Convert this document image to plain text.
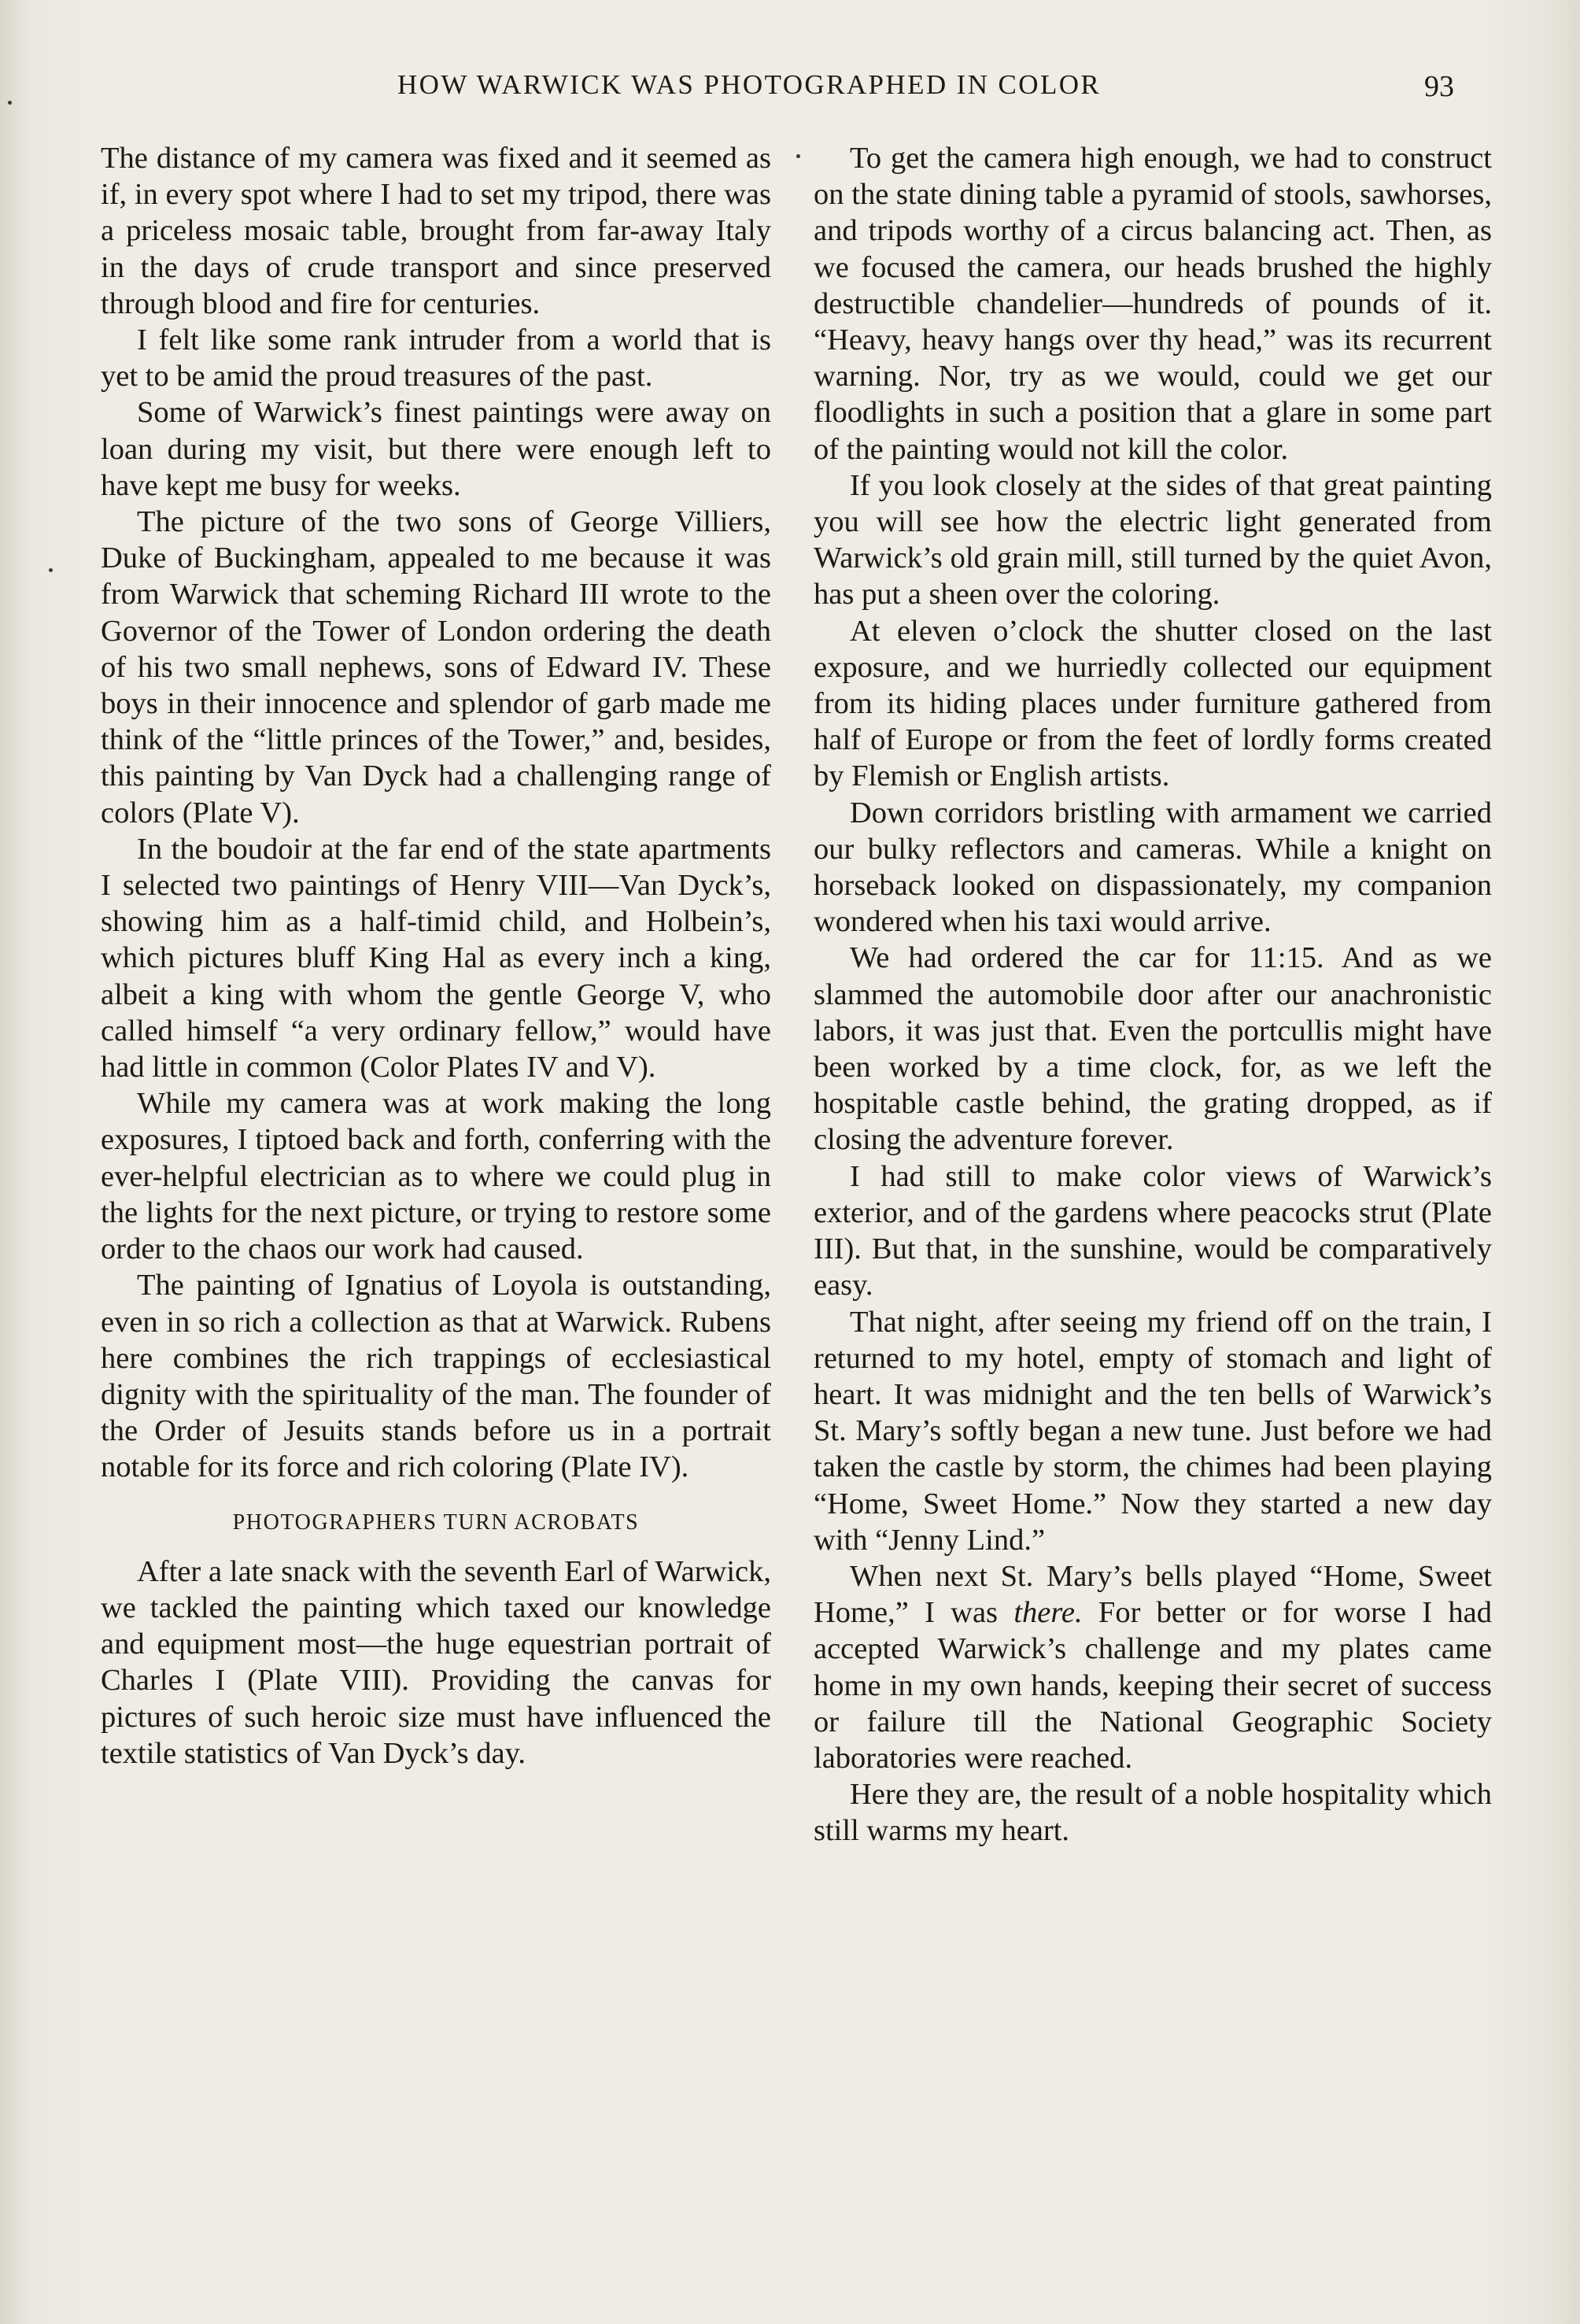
HOW WARWICK WAS PHOTOGRAPHED IN COLOR	93

The distance of my camera was fixed and it seemed as if, in every spot where I had to set my tripod, there was a priceless mosaic table, brought from far-away Italy in the days of crude transport and since preserved through blood and fire for centuries.

I felt like some rank intruder from a world that is yet to be amid the proud treasures of the past.

Some of Warwick’s finest paintings were away on loan during my visit, but there were enough left to have kept me busy for weeks.

The picture of the two sons of George Villiers, Duke of Buckingham, appealed to me because it was from Warwick that scheming Richard III wrote to the Governor of the Tower of London ordering the death of his two small nephews, sons of Edward IV. These boys in their innocence and splendor of garb made me think of the “little princes of the Tower,” and, besides, this painting by Van Dyck had a challenging range of colors (Plate V).

In the boudoir at the far end of the state apartments I selected two paintings of Henry VIII—Van Dyck’s, showing him as a half-timid child, and Holbein’s, which pictures bluff King Hal as every inch a king, albeit a king with whom the gentle George V, who called himself “a very ordinary fellow,” would have had little in common (Color Plates IV and V).

While my camera was at work making the long exposures, I tiptoed back and forth, conferring with the ever-helpful electrician as to where we could plug in the lights for the next picture, or trying to restore some order to the chaos our work had caused.

The painting of Ignatius of Loyola is outstanding, even in so rich a collection as that at Warwick. Rubens here combines the rich trappings of ecclesiastical dignity with the spirituality of the man. The founder of the Order of Jesuits stands before us in a portrait notable for its force and rich coloring (Plate IV).

PHOTOGRAPHERS TURN ACROBATS

After a late snack with the seventh Earl of Warwick, we tackled the painting which taxed our knowledge and equipment most—the huge equestrian portrait of Charles I (Plate VIII). Providing the canvas for pictures of such heroic size must have influenced the textile statistics of Van Dyck’s day.

To get the camera high enough, we had to construct on the state dining table a pyramid of stools, sawhorses, and tripods worthy of a circus balancing act. Then, as we focused the camera, our heads brushed the highly destructible chandelier—hundreds of pounds of it. “Heavy, heavy hangs over thy head,” was its recurrent warning. Nor, try as we would, could we get our floodlights in such a position that a glare in some part of the painting would not kill the color.

If you look closely at the sides of that great painting you will see how the electric light generated from Warwick’s old grain mill, still turned by the quiet Avon, has put a sheen over the coloring.

At eleven o’clock the shutter closed on the last exposure, and we hurriedly collected our equipment from its hiding places under furniture gathered from half of Europe or from the feet of lordly forms created by Flemish or English artists.

Down corridors bristling with armament we carried our bulky reflectors and cameras. While a knight on horseback looked on dispassionately, my companion wondered when his taxi would arrive.

We had ordered the car for 11:15. And as we slammed the automobile door after our anachronistic labors, it was just that. Even the portcullis might have been worked by a time clock, for, as we left the hospitable castle behind, the grating dropped, as if closing the adventure forever.

I had still to make color views of Warwick’s exterior, and of the gardens where peacocks strut (Plate III). But that, in the sunshine, would be comparatively easy.

That night, after seeing my friend off on the train, I returned to my hotel, empty of stomach and light of heart. It was midnight and the ten bells of Warwick’s St. Mary’s softly began a new tune. Just before we had taken the castle by storm, the chimes had been playing “Home, Sweet Home.” Now they started a new day with “Jenny Lind.”

When next St. Mary’s bells played “Home, Sweet Home,” I was there. For better or for worse I had accepted Warwick’s challenge and my plates came home in my own hands, keeping their secret of success or failure till the National Geographic Society laboratories were reached.

Here they are, the result of a noble hospitality which still warms my heart.
